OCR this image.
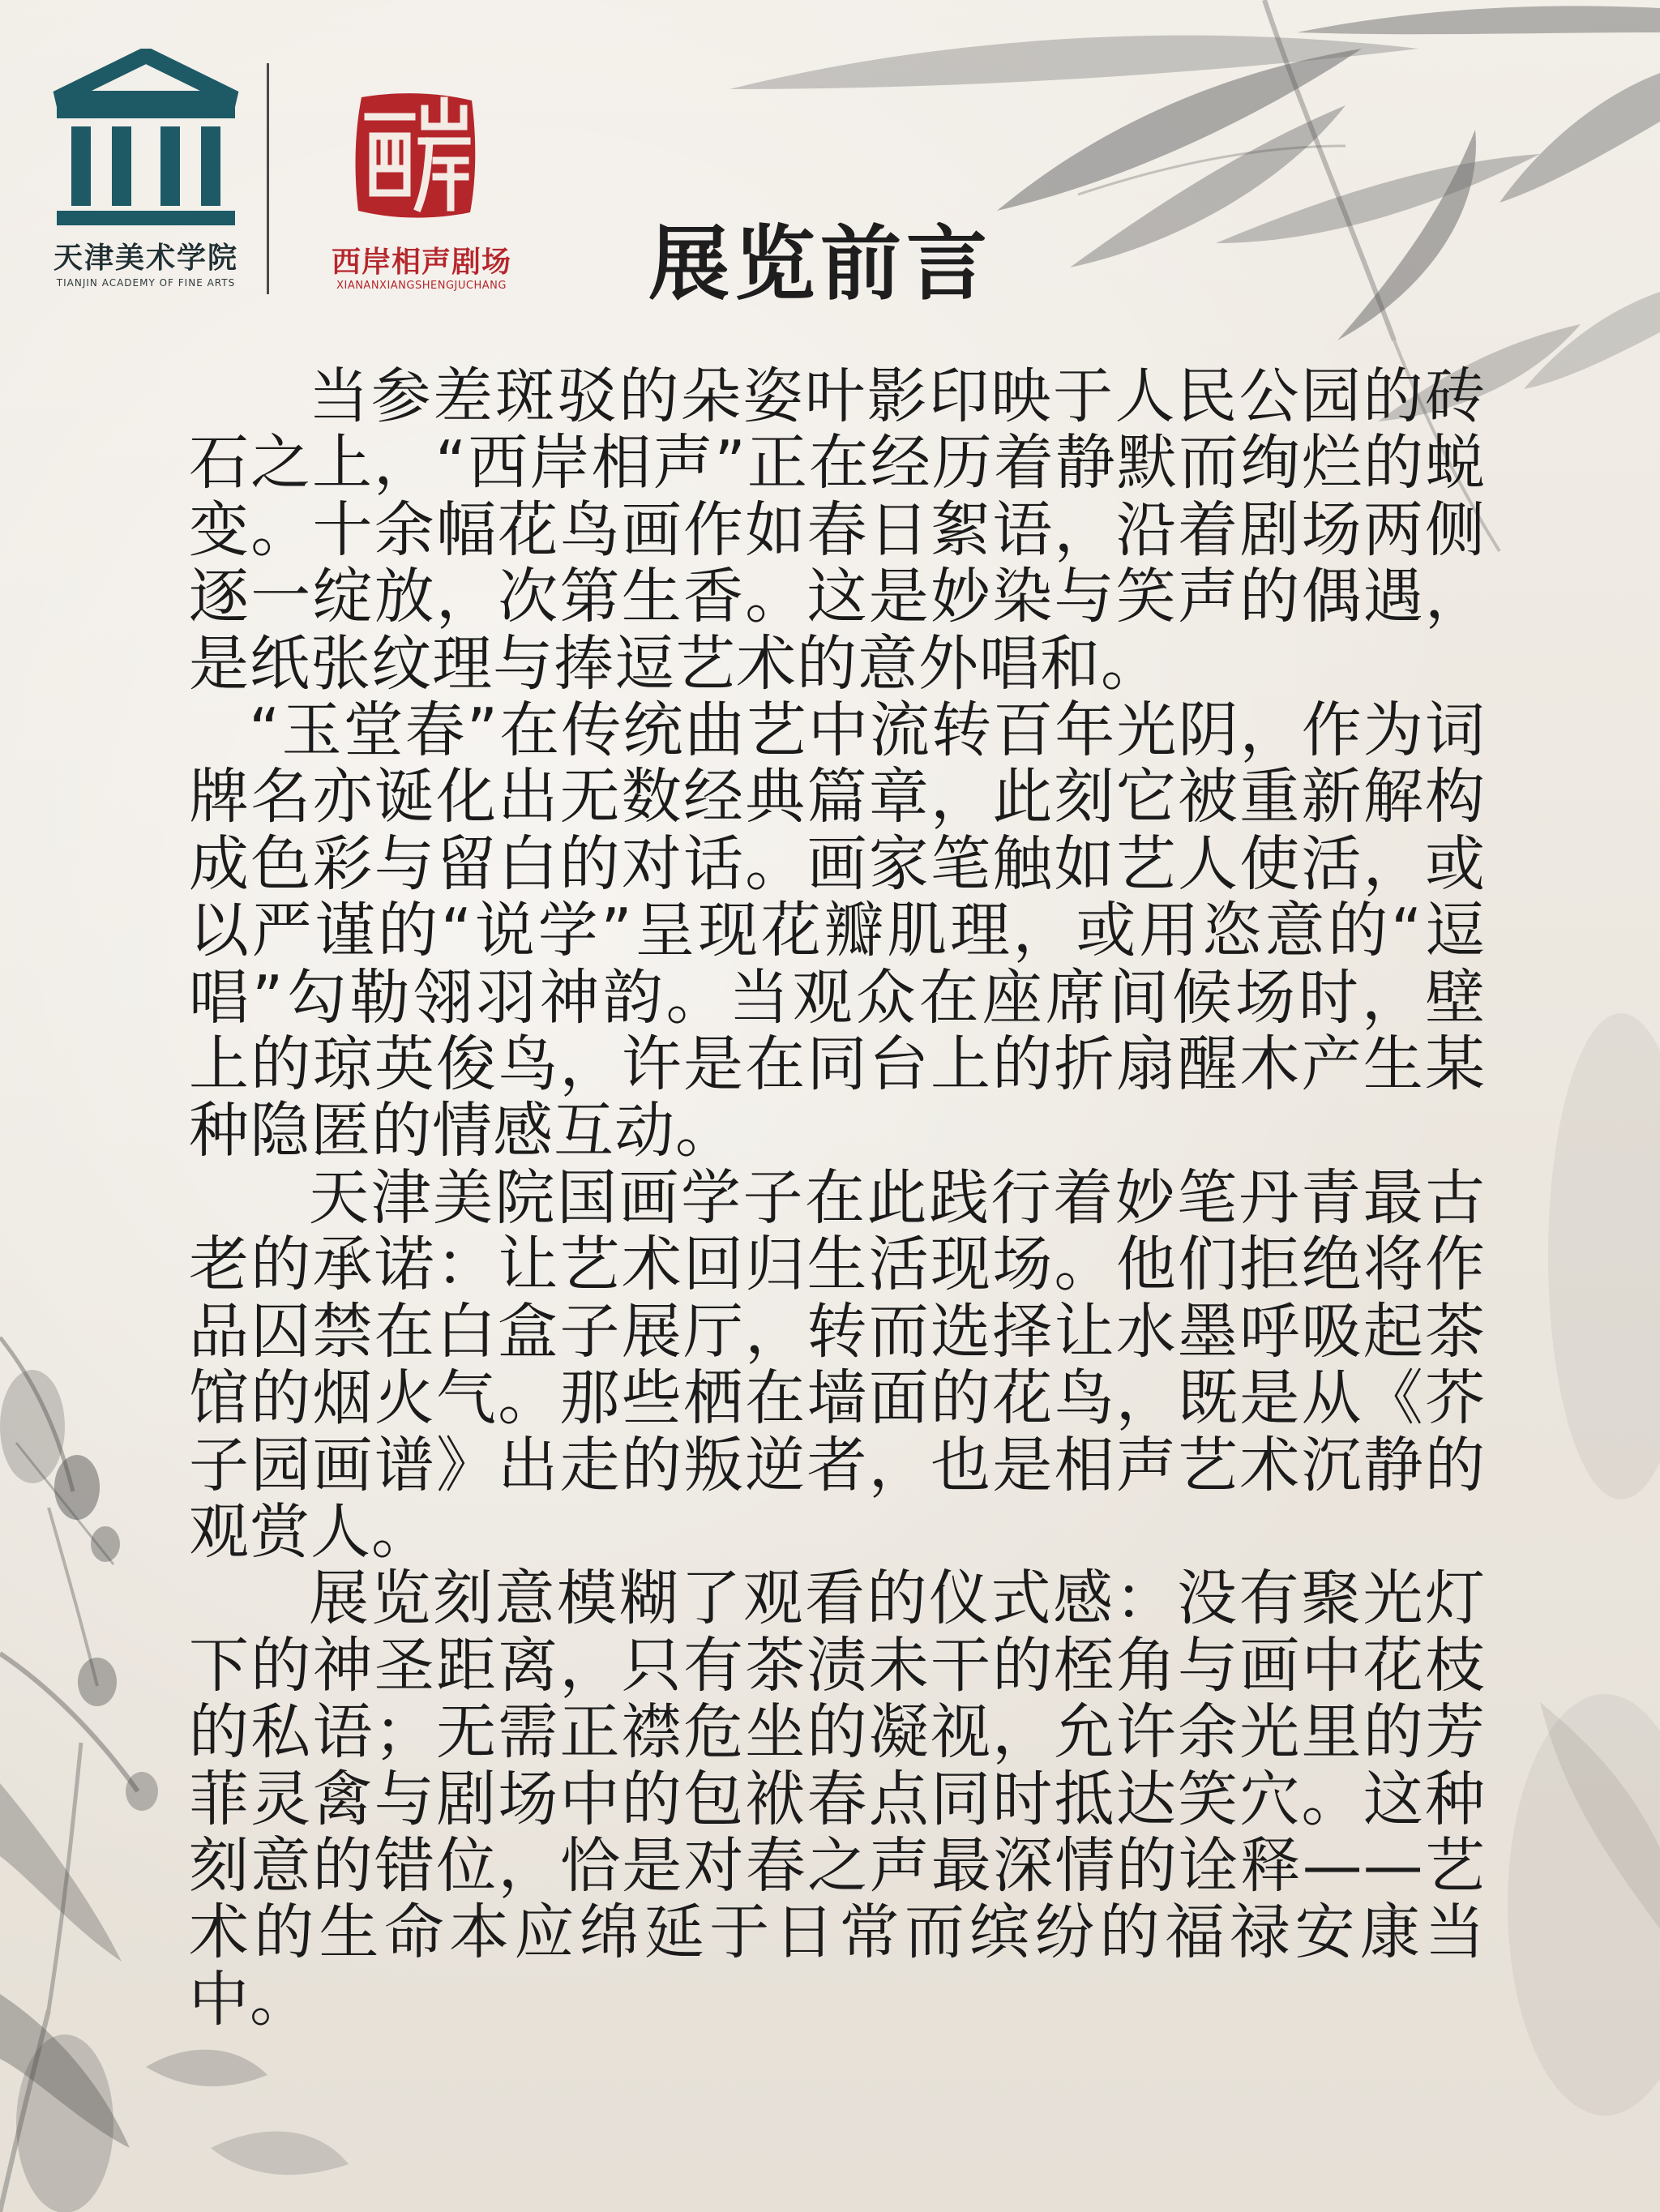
天津美术学院
TIANJIN ACADEMY OF FINE ARTS
西岸相声剧场
XIANANXIANGSHENGJUCHANG	展览前言

当参差斑驳的朵姿叶影印映于人民公园的砖石之上，“西岸相声”正在经历着静默而绚烂的蜕变。十余幅花鸟画作如春日絮语，沿着剧场两侧逐一绽放，次第生香。这是妙染与笑声的偶遇，是纸张纹理与捧逗艺术的意外唱和。

“玉堂春”在传统曲艺中流转百年光阴，作为词牌名亦诞化出无数经典篇章，此刻它被重新解构成色彩与留白的对话。画家笔触如艺人使活，或以严谨的“说学”呈现花瓣肌理，或用恣意的“逗唱”勾勒翎羽神韵。当观众在座席间候场时，壁上的琼英俊鸟，许是在同台上的折扇醒木产生某种隐匿的情感互动。

天津美院国画学子在此践行着妙笔丹青最古老的承诺：让艺术回归生活现场。他们拒绝将作品囚禁在白盒子展厅，转而选择让水墨呼吸起茶馆的烟火气。那些栖在墙面的花鸟，既是从《芥子园画谱》出走的叛逆者，也是相声艺术沉静的观赏人。

展览刻意模糊了观看的仪式感：没有聚光灯下的神圣距离，只有茶渍未干的桎角与画中花枝的私语；无需正襟危坐的凝视，允许余光里的芳菲灵禽与剧场中的包袱春点同时抵达笑穴。这种刻意的错位，恰是对春之声最深情的诠释——艺术的生命本应绵延于日常而缤纷的福禄安康当中。
